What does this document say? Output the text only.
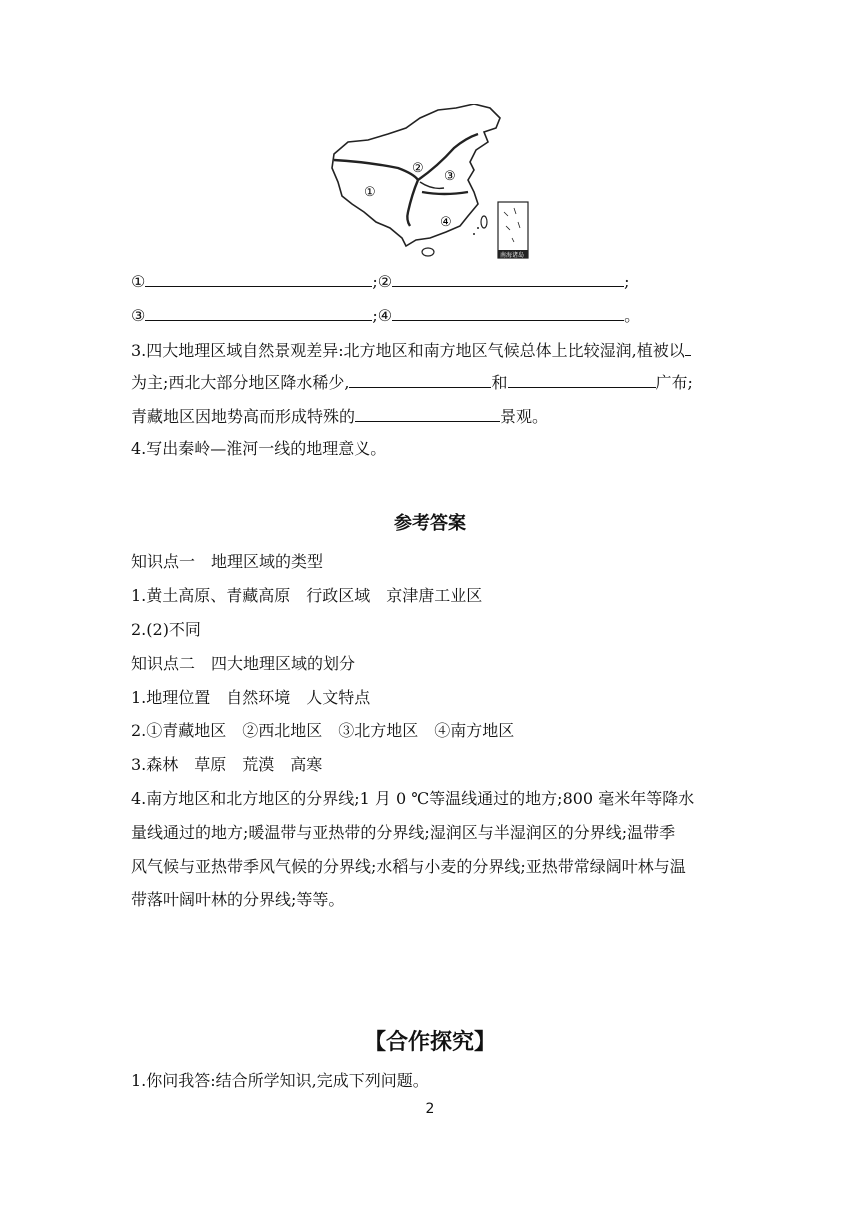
①
②
③
④
南海诸岛
①	;②	;
③	;④	。
3.四大地理区域自然景观差异:北方地区和南方地区气候总体上比较湿润,植被以
为主;西北大部分地区降水稀少,	和	广布;
青藏地区因地势高而形成特殊的	景观。
4.写出秦岭—淮河一线的地理意义。
参考答案
知识点一　地理区域的类型
1.黄土高原、青藏高原　行政区域　京津唐工业区
2.(2)不同
知识点二　四大地理区域的划分
1.地理位置　自然环境　人文特点
2.①青藏地区　②西北地区　③北方地区　④南方地区
3.森林　草原　荒漠　高寒
4.南方地区和北方地区的分界线;1 月 0 ℃等温线通过的地方;800 毫米年等降水
量线通过的地方;暖温带与亚热带的分界线;湿润区与半湿润区的分界线;温带季
风气候与亚热带季风气候的分界线;水稻与小麦的分界线;亚热带常绿阔叶林与温
带落叶阔叶林的分界线;等等。
【合作探究】
1.你问我答:结合所学知识,完成下列问题。
2
